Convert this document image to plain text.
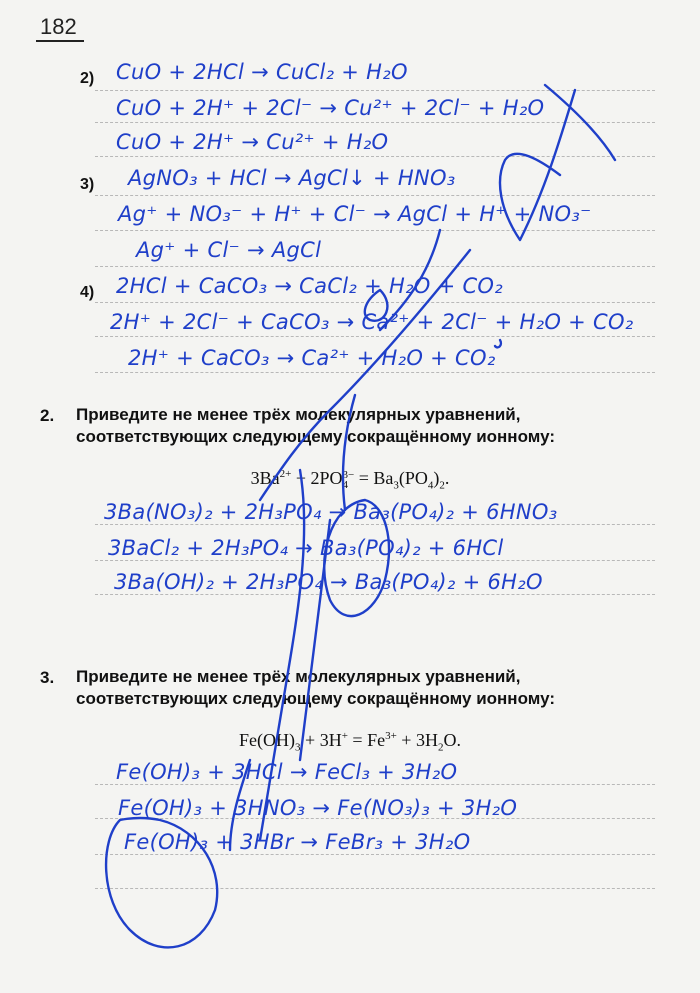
182
2) CuO + 2HCl → CuCl₂ + H₂O
CuO + 2H⁺ + 2Cl⁻ → Cu²⁺ + 2Cl⁻ + H₂O
CuO + 2H⁺ → Cu²⁺ + H₂O
3) AgNO₃ + HCl → AgCl↓ + HNO₃
Ag⁺ + NO₃⁻ + H⁺ + Cl⁻ → AgCl + H⁺ + NO₃⁻
Ag⁺ + Cl⁻ → AgCl
4) 2HCl + CaCO₃ → CaCl₂ + H₂O + CO₂
2H⁺ + 2Cl⁻ + CaCO₃ → Ca²⁺ + 2Cl⁻ + H₂O + CO₂
2H⁺ + CaCO₃ → Ca²⁺ + H₂O + CO₂
2. Приведите не менее трёх молекулярных уравнений, соответствующих следующему сокращённому ионному:
$3Ba^{2+} + 2PO3-$
$4 = Ba_3(PO_4)_2$.
3Ba(NO₃)₂ + 2H₃PO₄ → Ba₃(PO₄)₂ + 6HNO₃
3BaCl₂ + 2H₃PO₄ → Ba₃(PO₄)₂ + 6HCl
3Ba(OH)₂ + 2H₃PO₄ → Ba₃(PO₄)₂ + 6H₂O
3. Приведите не менее трёх молекулярных уравнений, соответствующих следующему сокращённому ионному:
$Fe(OH)_3 + 3H^+ = Fe^{3+} + 3H_2O$.
Fe(OH)₃ + 3HCl → FeCl₃ + 3H₂O
Fe(OH)₃ + 3HNO₃ → Fe(NO₃)₃ + 3H₂O
Fe(OH)₃ + 3HBr → FeBr₃ + 3H₂O
